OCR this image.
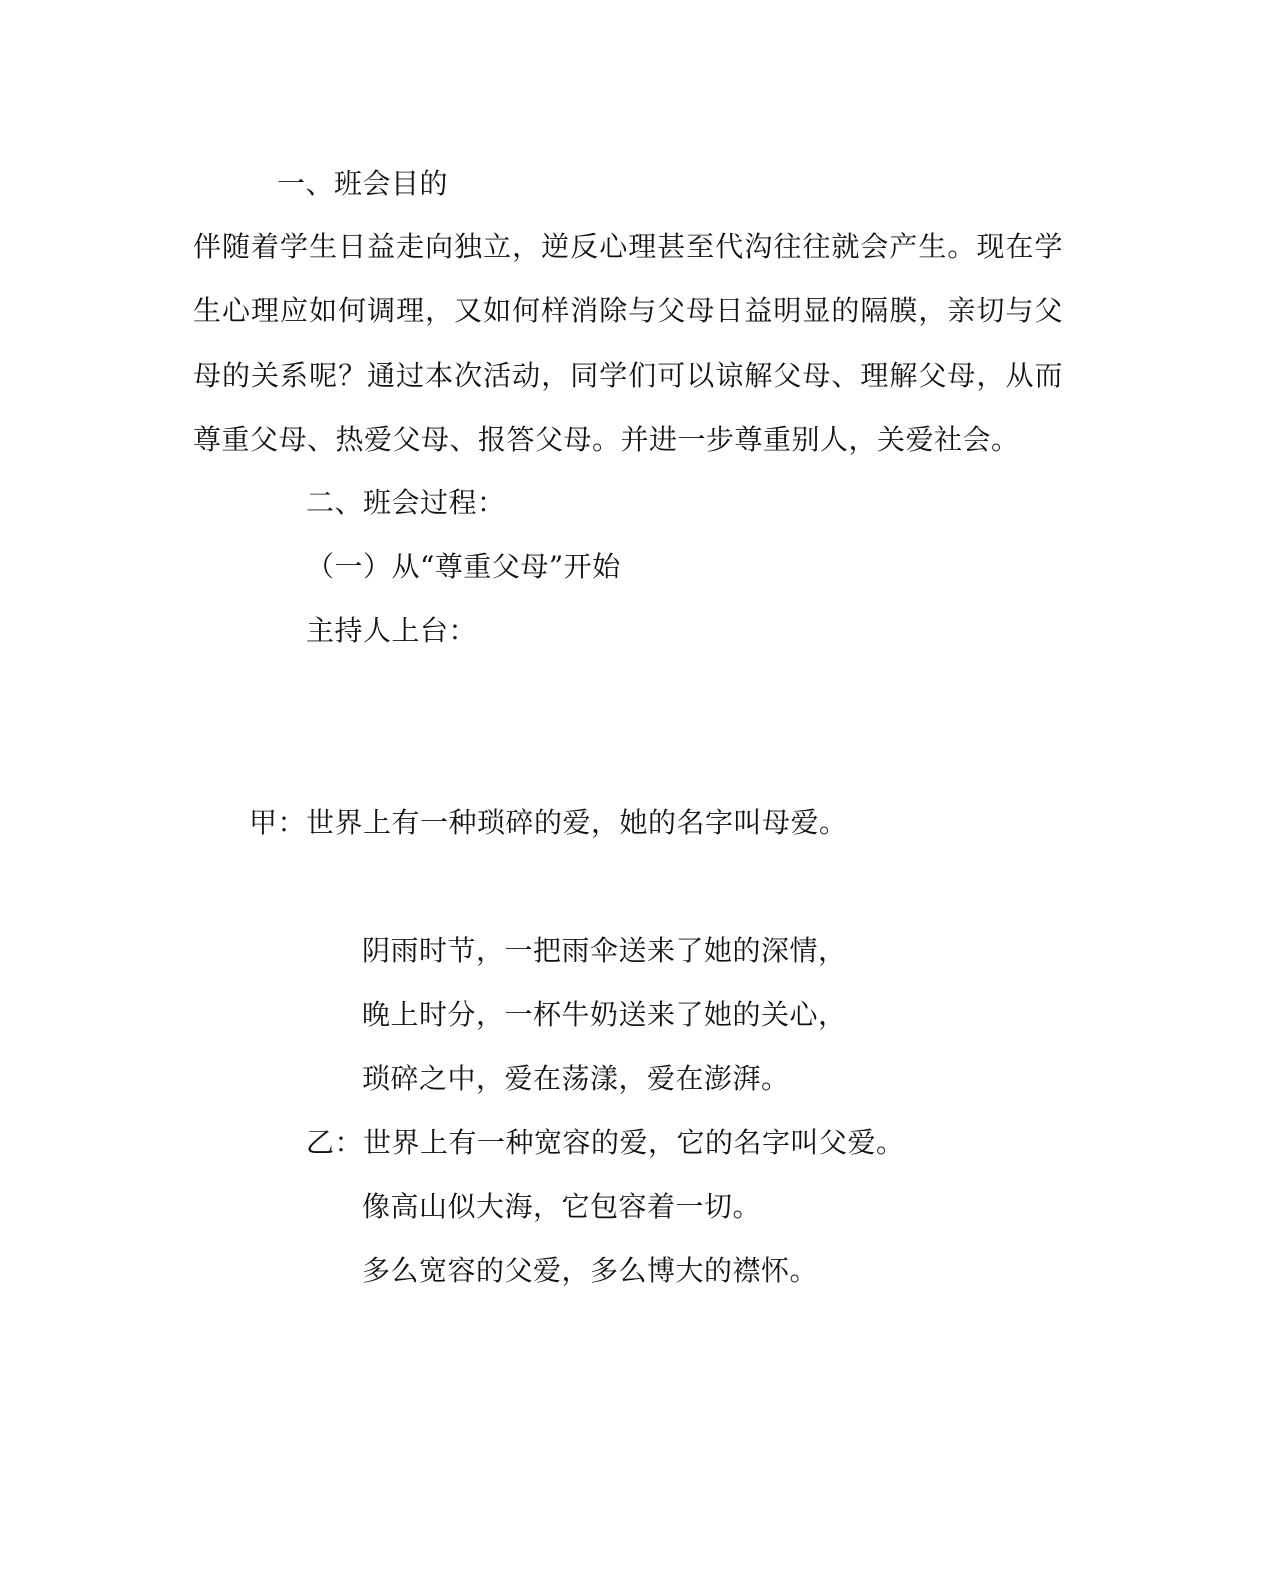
一、班会目的
伴随着学生日益走向独立，逆反心理甚至代沟往往就会产生。现在学生心理应如何调理，又如何样消除与父母日益明显的隔膜，亲切与父母的关系呢？通过本次活动，同学们可以谅解父母、理解父母，从而尊重父母、热爱父母、报答父母。并进一步尊重别人，关爱社会。
二、班会过程：
（一）从“尊重父母”开始
主持人上台：
甲：世界上有一种琐碎的爱，她的名字叫母爱。
阴雨时节，一把雨伞送来了她的深情，
晚上时分，一杯牛奶送来了她的关心，
琐碎之中，爱在荡漾，爱在澎湃。
乙：世界上有一种宽容的爱，它的名字叫父爱。
像高山似大海，它包容着一切。
多么宽容的父爱，多么博大的襟怀。
